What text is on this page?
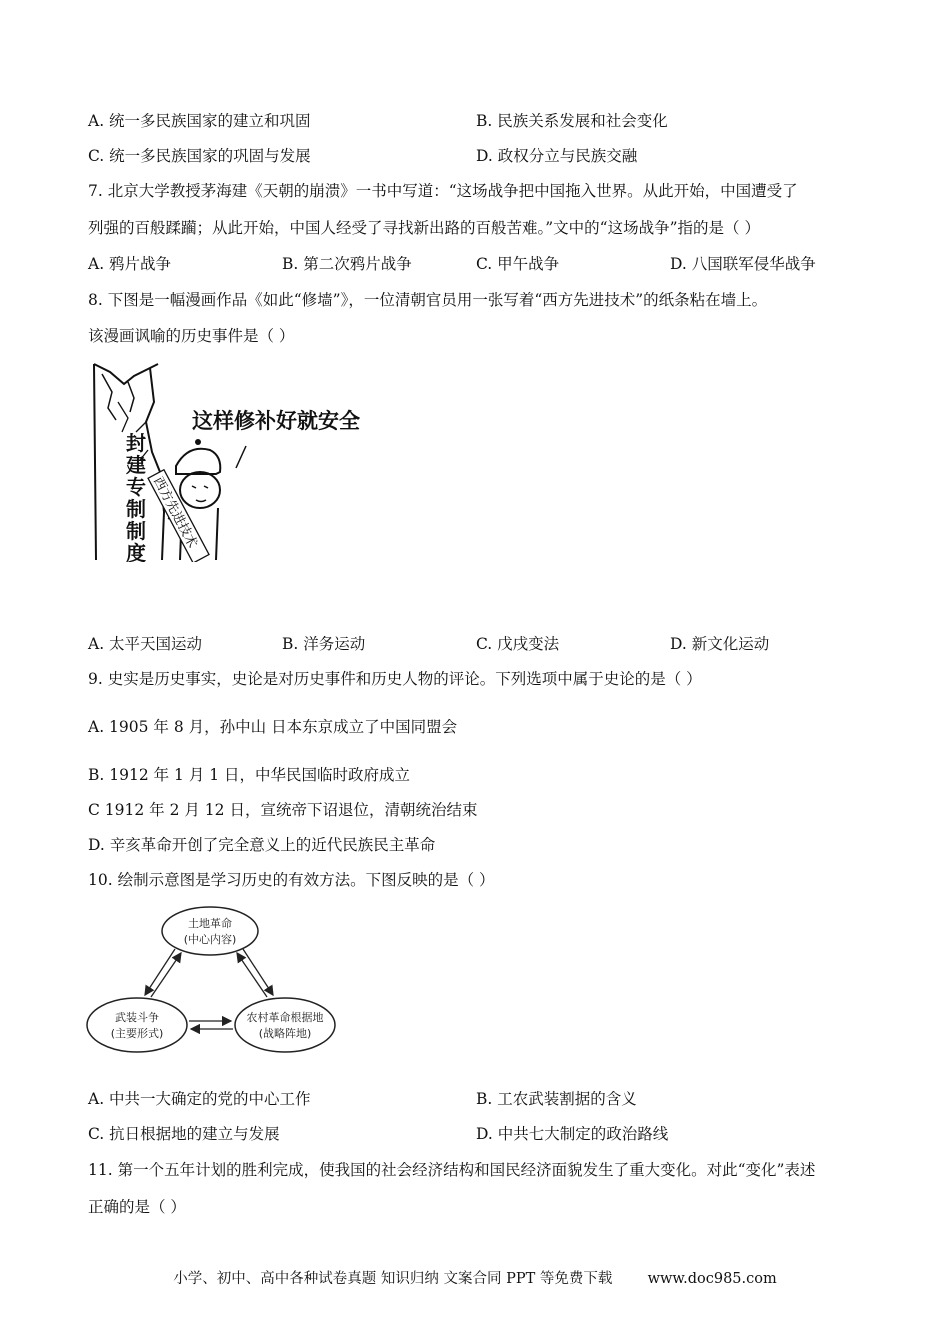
A. 统一多民族国家的建立和巩固	B. 民族关系发展和社会变化
C. 统一多民族国家的巩固与发展	D. 政权分立与民族交融
7. 北京大学教授茅海建《天朝的崩溃》一书中写道：“这场战争把中国拖入世界。从此开始，中国遭受了
列强的百般蹂躏；从此开始，中国人经受了寻找新出路的百般苦难。”文中的“这场战争”指的是（ ）
A. 鸦片战争	B. 第二次鸦片战争	C. 甲午战争	D. 八国联军侵华战争
8. 下图是一幅漫画作品《如此“修墙”》，一位清朝官员用一张写着“西方先进技术”的纸条粘在墙上。
该漫画讽喻的历史事件是（ ）
封
建
专
制
制
度
这样修补好就安全
西方先进技术
A. 太平天国运动	B. 洋务运动	C. 戊戌变法	D. 新文化运动
9. 史实是历史事实，史论是对历史事件和历史人物的评论。下列选项中属于史论的是（ ）
A. 1905 年 8 月，孙中山 日本东京成立了中国同盟会
B. 1912 年 1 月 1 日，中华民国临时政府成立
C 1912 年 2 月 12 日，宣统帝下诏退位，清朝统治结束
D. 辛亥革命开创了完全意义上的近代民族民主革命
10. 绘制示意图是学习历史的有效方法。下图反映的是（ ）
土地革命
(中心内容)
武装斗争
(主要形式)
农村革命根据地
(战略阵地)
A. 中共一大确定的党的中心工作	B. 工农武装割据的含义
C. 抗日根据地的建立与发展	D. 中共七大制定的政治路线
11. 第一个五年计划的胜利完成，使我国的社会经济结构和国民经济面貌发生了重大变化。对此“变化”表述
正确的是（ ）
小学、初中、高中各种试卷真题 知识归纳 文案合同 PPT 等免费下载 www.doc985.com
